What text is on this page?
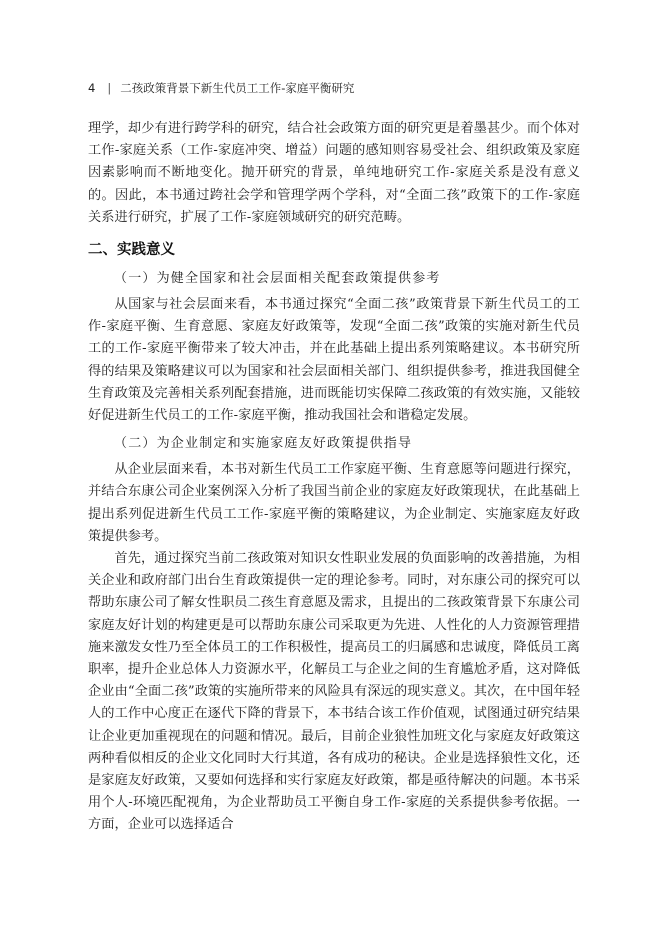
4 | 二孩政策背景下新生代员工工作-家庭平衡研究

理学，却少有进行跨学科的研究，结合社会政策方面的研究更是着墨甚少。而个体对工作-家庭关系（工作-家庭冲突、增益）问题的感知则容易受社会、组织政策及家庭因素影响而不断地变化。抛开研究的背景，单纯地研究工作-家庭关系是没有意义的。因此，本书通过跨社会学和管理学两个学科，对“全面二孩”政策下的工作-家庭关系进行研究，扩展了工作-家庭领域研究的研究范畴。

二、实践意义
（一）为健全国家和社会层面相关配套政策提供参考

从国家与社会层面来看，本书通过探究“全面二孩”政策背景下新生代员工的工作-家庭平衡、生育意愿、家庭友好政策等，发现“全面二孩”政策的实施对新生代员工的工作-家庭平衡带来了较大冲击，并在此基础上提出系列策略建议。本书研究所得的结果及策略建议可以为国家和社会层面相关部门、组织提供参考，推进我国健全生育政策及完善相关系列配套措施，进而既能切实保障二孩政策的有效实施，又能较好促进新生代员工的工作-家庭平衡，推动我国社会和谐稳定发展。

（二）为企业制定和实施家庭友好政策提供指导

从企业层面来看，本书对新生代员工工作家庭平衡、生育意愿等问题进行探究，并结合东康公司企业案例深入分析了我国当前企业的家庭友好政策现状，在此基础上提出系列促进新生代员工工作-家庭平衡的策略建议，为企业制定、实施家庭友好政策提供参考。

首先，通过探究当前二孩政策对知识女性职业发展的负面影响的改善措施，为相关企业和政府部门出台生育政策提供一定的理论参考。同时，对东康公司的探究可以帮助东康公司了解女性职员二孩生育意愿及需求，且提出的二孩政策背景下东康公司家庭友好计划的构建更是可以帮助东康公司采取更为先进、人性化的人力资源管理措施来激发女性乃至全体员工的工作积极性，提高员工的归属感和忠诚度，降低员工离职率，提升企业总体人力资源水平，化解员工与企业之间的生育尴尬矛盾，这对降低企业由“全面二孩”政策的实施所带来的风险具有深远的现实意义。其次，在中国年轻人的工作中心度正在逐代下降的背景下，本书结合该工作价值观，试图通过研究结果让企业更加重视现在的问题和情况。最后，目前企业狼性加班文化与家庭友好政策这两种看似相反的企业文化同时大行其道，各有成功的秘诀。企业是选择狼性文化，还是家庭友好政策，又要如何选择和实行家庭友好政策，都是亟待解决的问题。本书采用个人-环境匹配视角，为企业帮助员工平衡自身工作-家庭的关系提供参考依据。一方面，企业可以选择适合
